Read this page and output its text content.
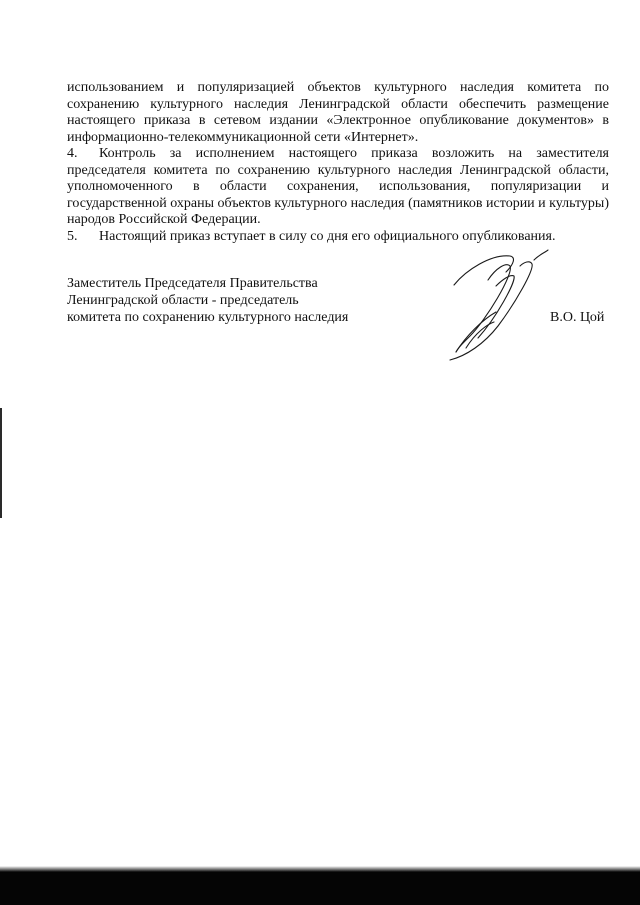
использованием и популяризацией объектов культурного наследия комитета по сохранению культурного наследия Ленинградской области обеспечить размещение настоящего приказа в сетевом издании «Электронное опубликование документов» в информационно-телекоммуникационной сети «Интернет».

4. Контроль за исполнением настоящего приказа возложить на заместителя председателя комитета по сохранению культурного наследия Ленинградской области, уполномоченного в области сохранения, использования, популяризации и государственной охраны объектов культурного наследия (памятников истории и культуры) народов Российской Федерации.

5. Настоящий приказ вступает в силу со дня его официального опубликования.

Заместитель Председателя Правительства
Ленинградской области - председатель
комитета по сохранению культурного наследия	В.О. Цой
